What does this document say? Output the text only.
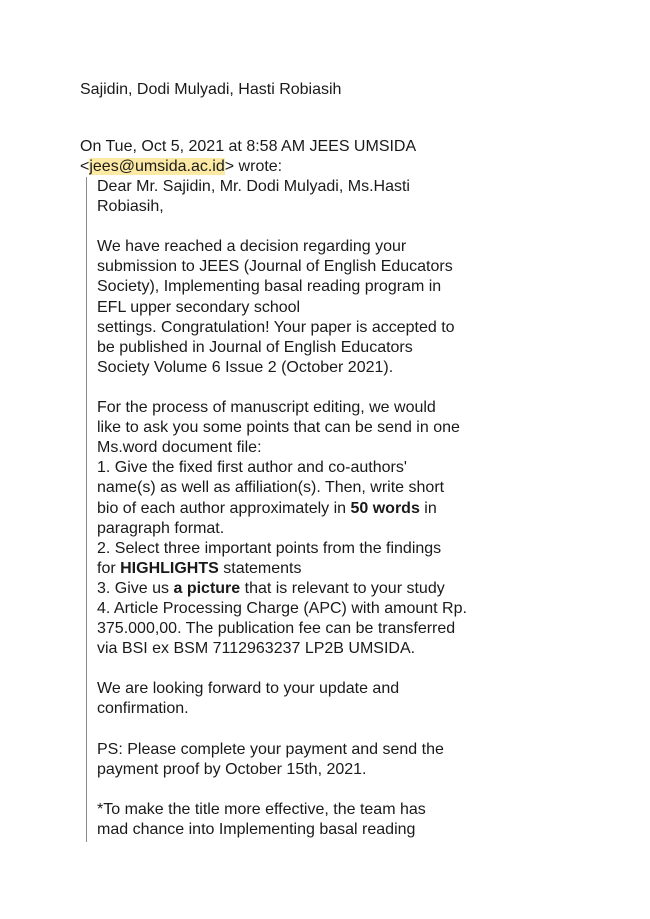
Sajidin, Dodi Mulyadi, Hasti Robiasih
On Tue, Oct 5, 2021 at 8:58 AM JEES UMSIDA
<jees@umsida.ac.id> wrote:
Dear Mr. Sajidin, Mr. Dodi Mulyadi, Ms.Hasti
Robiasih,
We have reached a decision regarding your
submission to JEES (Journal of English Educators
Society), Implementing basal reading program in
EFL upper secondary school
settings. Congratulation! Your paper is accepted to
be published in Journal of English Educators
Society Volume 6 Issue 2 (October 2021).
For the process of manuscript editing, we would
like to ask you some points that can be send in one
Ms.word document file:
1. Give the fixed first author and co-authors'
name(s) as well as affiliation(s). Then, write short
bio of each author approximately in 50 words in
paragraph format.
2. Select three important points from the findings
for HIGHLIGHTS statements
3. Give us a picture that is relevant to your study
4. Article Processing Charge (APC) with amount Rp.
375.000,00. The publication fee can be transferred
via BSI ex BSM 7112963237 LP2B UMSIDA.
We are looking forward to your update and
confirmation.
PS: Please complete your payment and send the
payment proof by October 15th, 2021.
*To make the title more effective, the team has
mad chance into Implementing basal reading
